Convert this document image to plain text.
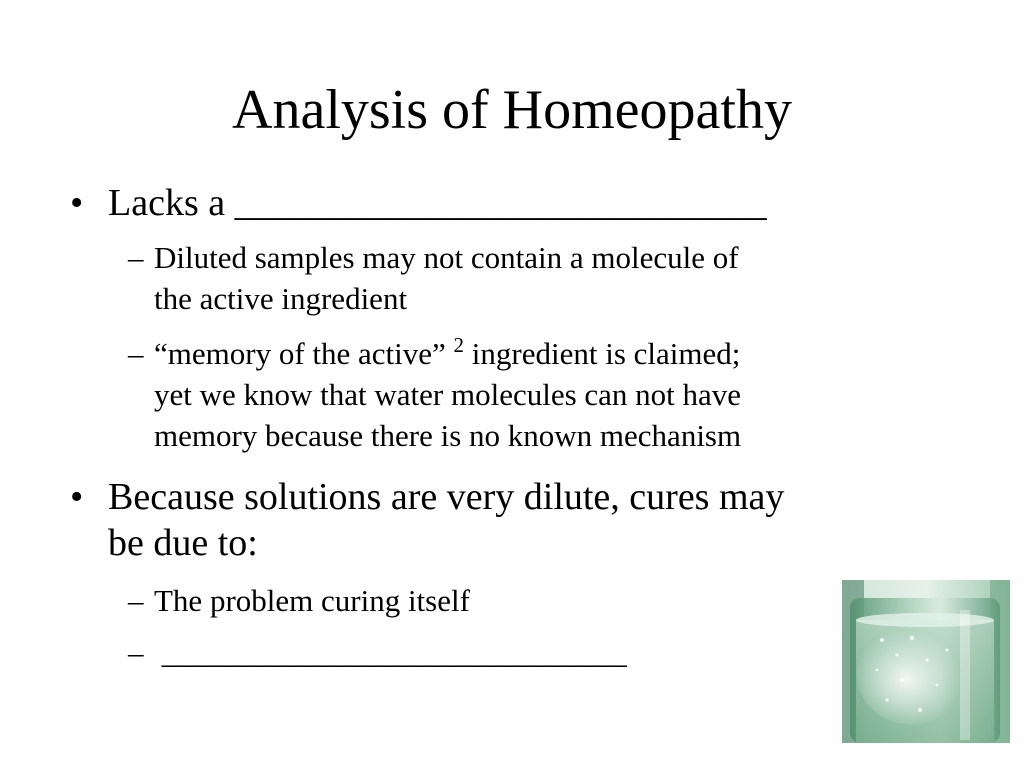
Analysis of Homeopathy
• Lacks a ____________________________
– Diluted samples may not contain a molecule of
the active ingredient
– “memory of the active” $^2$ ingredient is claimed;
yet we know that water molecules can not have
memory because there is no known mechanism
• Because solutions are very dilute, cures may
be due to:
– The problem curing itself
– ______________________________
